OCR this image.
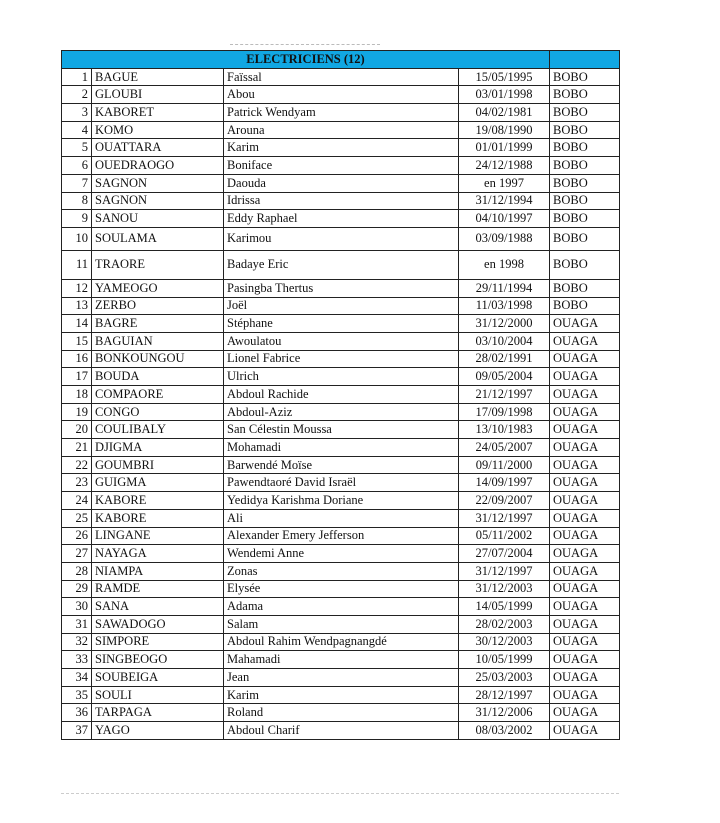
ELECTRICIENS (12)				
1	BAGUE	Faïssal	15/05/1995	BOBO
2	GLOUBI	Abou	03/01/1998	BOBO
3	KABORET	Patrick Wendyam	04/02/1981	BOBO
4	KOMO	Arouna	19/08/1990	BOBO
5	OUATTARA	Karim	01/01/1999	BOBO
6	OUEDRAOGO	Boniface	24/12/1988	BOBO
7	SAGNON	Daouda	en 1997	BOBO
8	SAGNON	Idrissa	31/12/1994	BOBO
9	SANOU	Eddy Raphael	04/10/1997	BOBO
10	SOULAMA	Karimou	03/09/1988	BOBO
11	TRAORE	Badaye Eric	en 1998	BOBO
12	YAMEOGO	Pasingba Thertus	29/11/1994	BOBO
13	ZERBO	Joël	11/03/1998	BOBO
14	BAGRE	Stéphane	31/12/2000	OUAGA
15	BAGUIAN	Awoulatou	03/10/2004	OUAGA
16	BONKOUNGOU	Lionel Fabrice	28/02/1991	OUAGA
17	BOUDA	Ulrich	09/05/2004	OUAGA
18	COMPAORE	Abdoul Rachide	21/12/1997	OUAGA
19	CONGO	Abdoul-Aziz	17/09/1998	OUAGA
20	COULIBALY	San Célestin Moussa	13/10/1983	OUAGA
21	DJIGMA	Mohamadi	24/05/2007	OUAGA
22	GOUMBRI	Barwendé Moïse	09/11/2000	OUAGA
23	GUIGMA	Pawendtaoré David Israël	14/09/1997	OUAGA
24	KABORE	Yedidya Karishma Doriane	22/09/2007	OUAGA
25	KABORE	Ali	31/12/1997	OUAGA
26	LINGANE	Alexander Emery Jefferson	05/11/2002	OUAGA
27	NAYAGA	Wendemi Anne	27/07/2004	OUAGA
28	NIAMPA	Zonas	31/12/1997	OUAGA
29	RAMDE	Elysée	31/12/2003	OUAGA
30	SANA	Adama	14/05/1999	OUAGA
31	SAWADOGO	Salam	28/02/2003	OUAGA
32	SIMPORE	Abdoul Rahim Wendpagnangdé	30/12/2003	OUAGA
33	SINGBEOGO	Mahamadi	10/05/1999	OUAGA
34	SOUBEIGA	Jean	25/03/2003	OUAGA
35	SOULI	Karim	28/12/1997	OUAGA
36	TARPAGA	Roland	31/12/2006	OUAGA
37	YAGO	Abdoul Charif	08/03/2002	OUAGA
